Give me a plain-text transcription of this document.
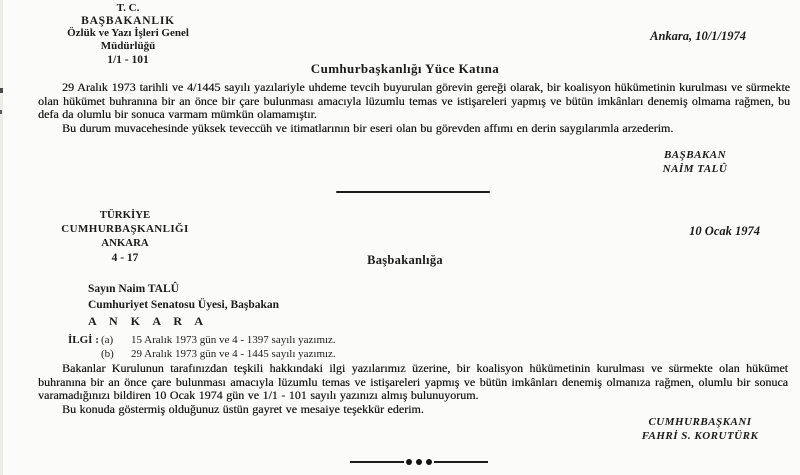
T. C.
BAŞBAKANLIK
Özlük ve Yazı İşleri Genel
Müdürlüğü
1/1 - 101
Ankara, 10/1/1974
Cumhurbaşkanlığı Yüce Katına

29 Aralık 1973 tarihli ve 4/1445 sayılı yazılariyle uhdeme tevcih buyurulan görevin gereği olarak, bir koalisyon hükümetinin kurulması ve sürmekte olan hükümet buhranına bir an önce bir çare bulunması amacıyla lüzumlu temas ve istişareleri yapmış ve bütün imkânları denemiş olmama rağmen, bu defa da olumlu bir sonuca varmam mümkün olamamıştır.

Bu durum muvacehesinde yüksek teveccüh ve itimatlarının bir eseri olan bu görevden affımı en derin saygılarımla arzederim.

BAŞBAKAN
NAİM TALÛ
TÜRKİYE
CUMHURBAŞKANLIĞI
ANKARA
4 - 17
10 Ocak 1974
Başbakanlığa
Sayın Naim TALÛ
Cumhuriyet Senatosu Üyesi, Başbakan
A N K A R A
İLGİ : (a)	15 Aralık 1973 gün ve 4 - 1397 sayılı yazımız.
(b)	29 Aralık 1973 gün ve 4 - 1445 sayılı yazımız.

Bakanlar Kurulunun tarafınızdan teşkili hakkındaki ilgi yazılarımız üzerine, bir koalisyon hükümetinin kurulması ve sürmekte olan hükümet buhranına bir an önce çare bulunması amacıyla lüzumlu temas ve istişareleri yapmış ve bütün imkânları denemiş olmanıza rağmen, olumlu bir sonuca varamadığınızı bildiren 10 Ocak 1974 gün ve 1/1 - 101 sayılı yazınızı almış bulunuyorum.

Bu konuda göstermiş olduğunuz üstün gayret ve mesaiye teşekkür ederim.

CUMHURBAŞKANI
FAHRİ S. KORUTÜRK
